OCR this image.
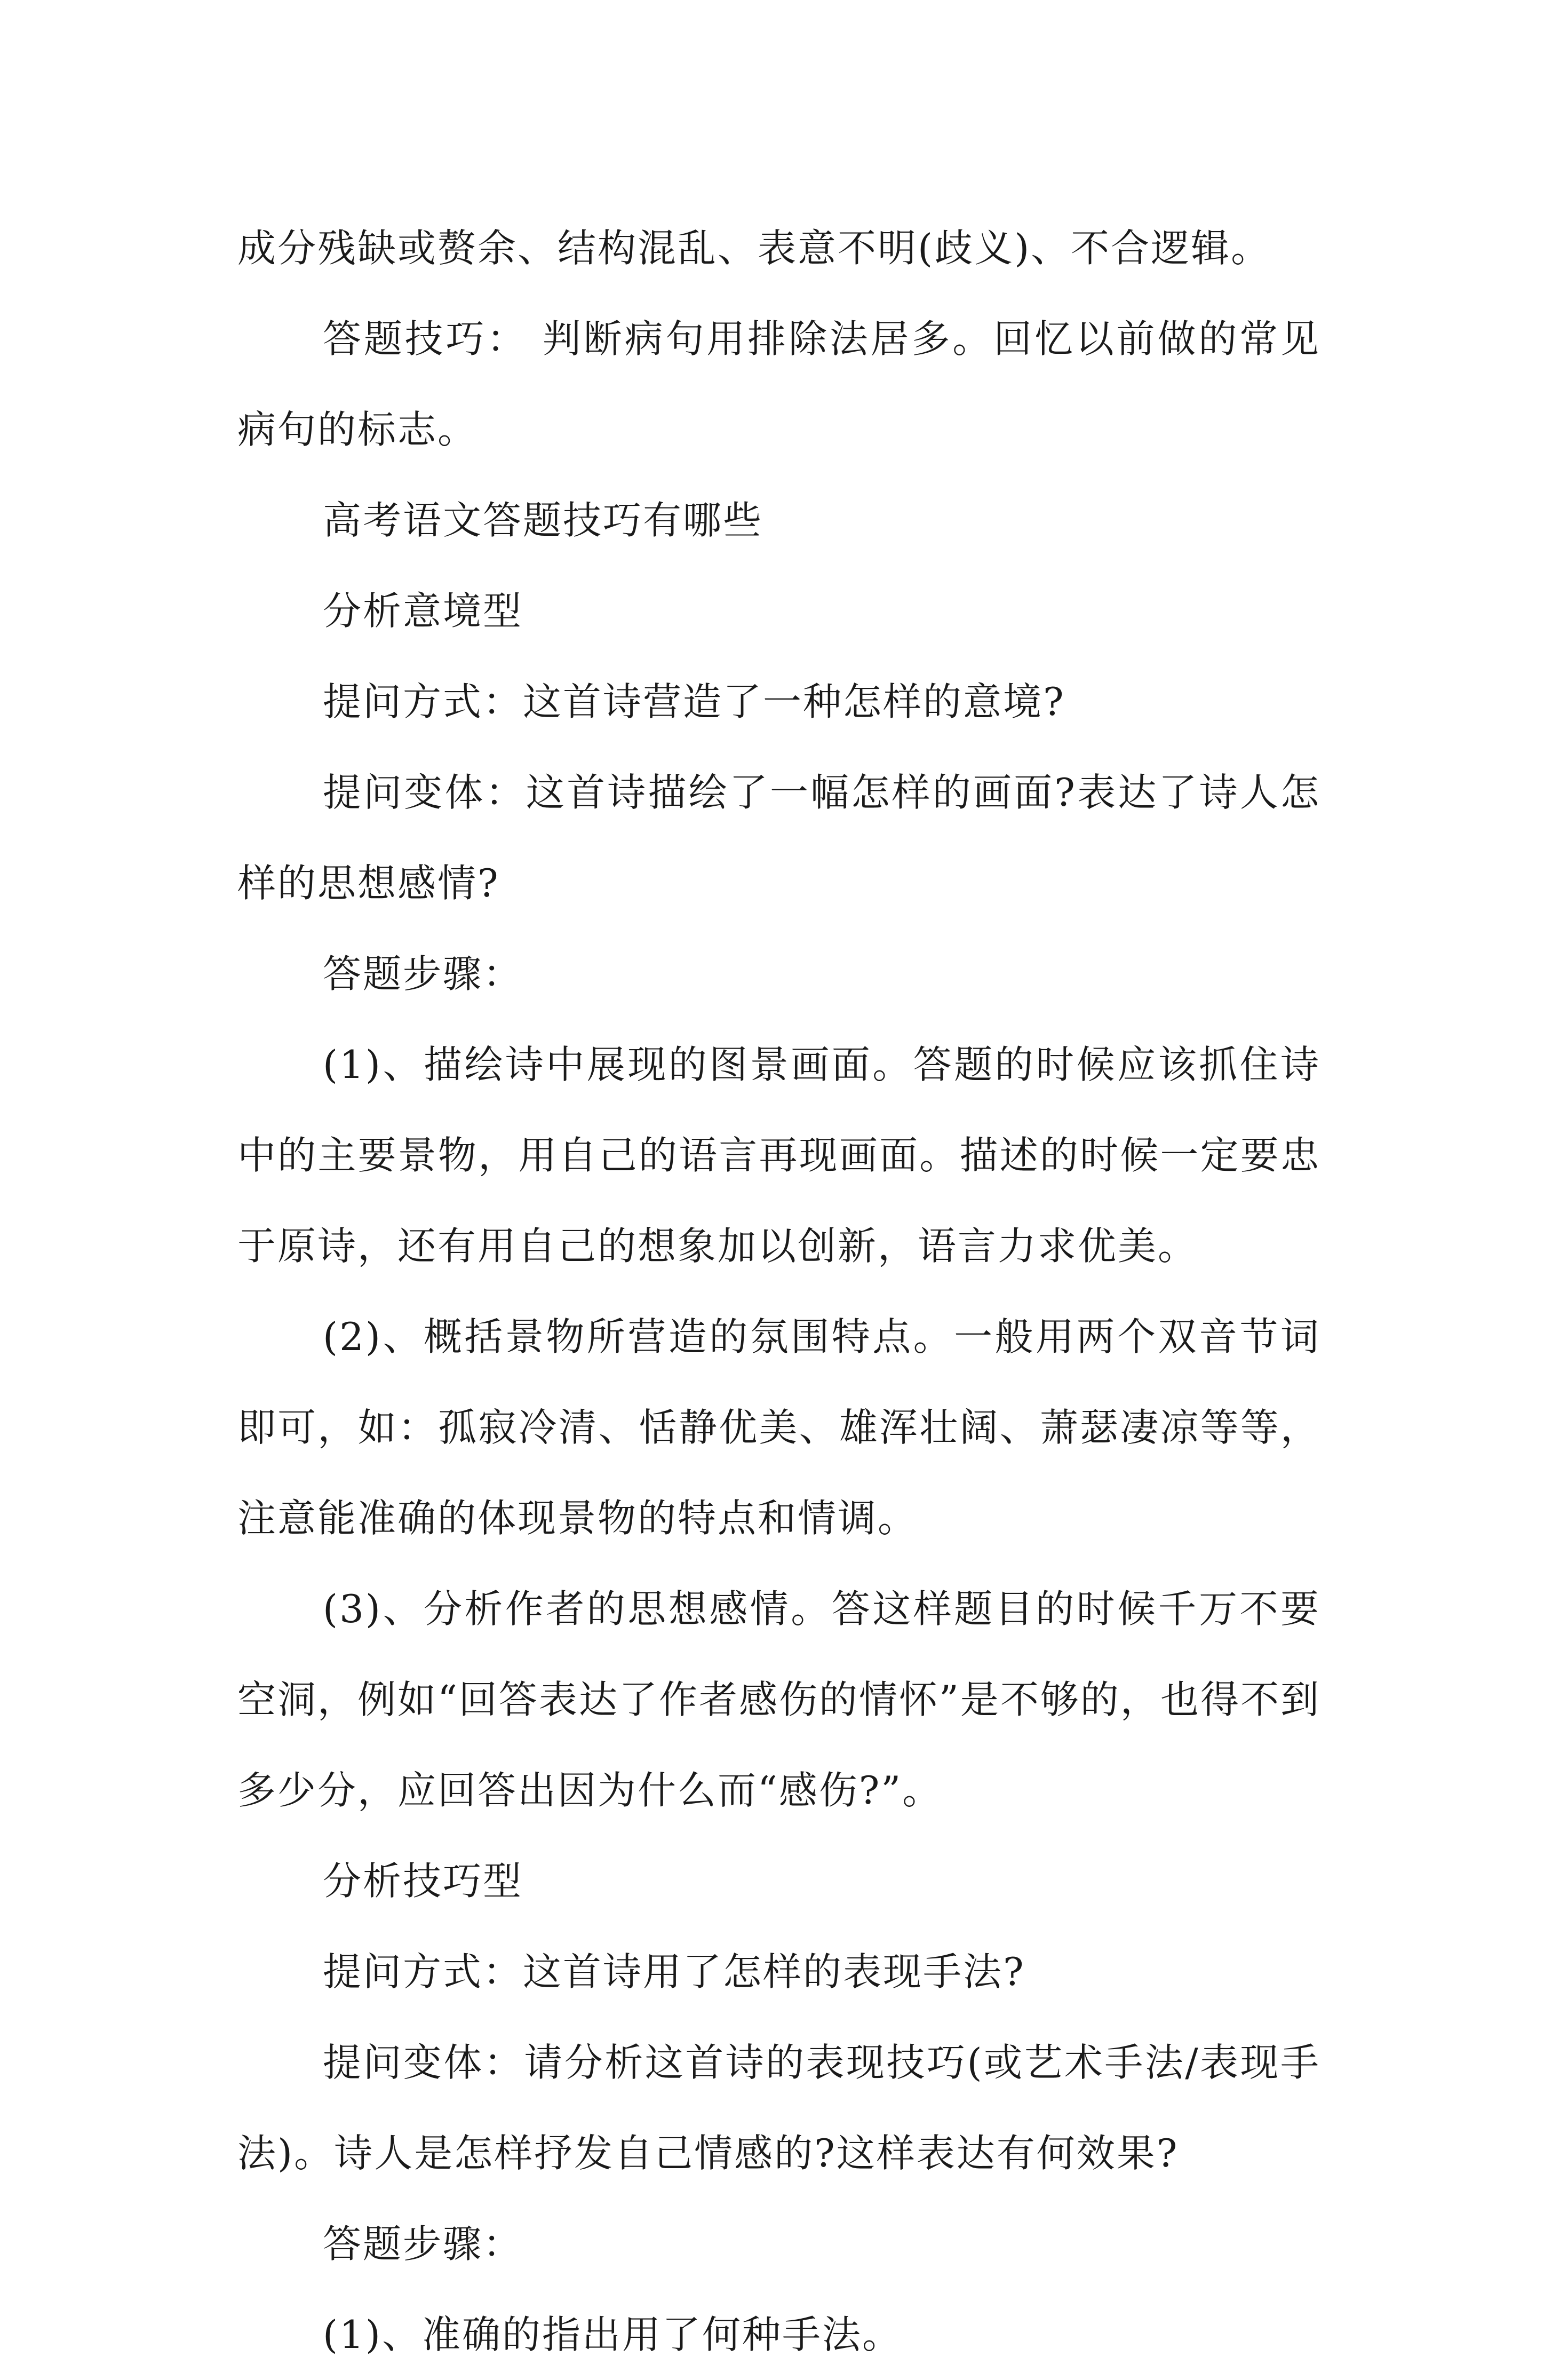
成分残缺或赘余、结构混乱、表意不明(歧义)、不合逻辑。

答题技巧： 判断病句用排除法居多。回忆以前做的常见病句的标志。

高考语文答题技巧有哪些

分析意境型

提问方式：这首诗营造了一种怎样的意境?

提问变体：这首诗描绘了一幅怎样的画面?表达了诗人怎样的思想感情?

答题步骤：

(1)、描绘诗中展现的图景画面。答题的时候应该抓住诗中的主要景物，用自己的语言再现画面。描述的时候一定要忠于原诗，还有用自己的想象加以创新，语言力求优美。

(2)、概括景物所营造的氛围特点。一般用两个双音节词即可，如：孤寂冷清、恬静优美、雄浑壮阔、萧瑟凄凉等等，注意能准确的体现景物的特点和情调。

(3)、分析作者的思想感情。答这样题目的时候千万不要空洞，例如“回答表达了作者感伤的情怀”是不够的，也得不到多少分，应回答出因为什么而“感伤?”。

分析技巧型

提问方式：这首诗用了怎样的表现手法?

提问变体：请分析这首诗的表现技巧(或艺术手法/表现手法)。诗人是怎样抒发自己情感的?这样表达有何效果?

答题步骤：

(1)、准确的指出用了何种手法。
